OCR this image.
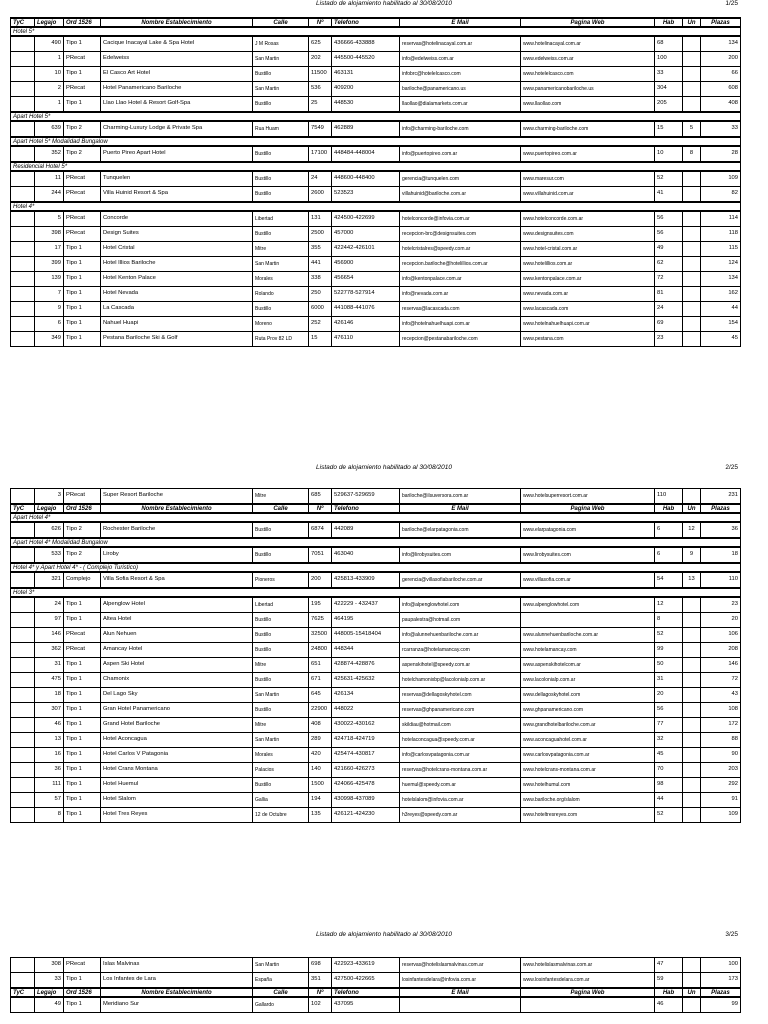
Listado de alojamiento habilitado al 30/08/2010	1/25
TyC	Legajo	Ord 1526	Nombre Establecimiento	Calle	Nº	Telefono	E Mail	Pagina Web	Hab	Un	Plazas
Hotel 5*											
	490	Tipo 1	Cacique Inacayal Lake & Spa Hotel	J M Rosas	625	436666-433888	reservas@hotelinacayal.com.ar	www.hotelinacayal.com.ar	68		134
	1	PRecat	Edelweiss	San Martin	202	445500-445520	info@edelweiss.com.ar	www.edelweiss.com.ar	100		200
	10	Tipo 1	El Casco Art Hotel	Bustillo	11500	463131	infobrc@hotelelcasco.com	www.hotelelcasco.com	33		66
	2	PRecat	Hotel Panamericano Bariloche	San Martin	536	409200	bariloche@panamericano.us	www.panamericanobariloche.us	304		608
	1	Tipo 1	Llao Llao Hotel & Resort Golf-Spa	Bustillo	25	448530	llaollao@dialamarkets.com.ar	www.llaollao.com	205		408
Apart Hotel 5*											
	639	Tipo 2	Charming-Luxury Lodge & Private Spa	Rua Huam	7549	462889	info@charming-bariloche.com	www.charming-bariloche.com	15	5	33
Apart Hotel 5* Modalidad Bungalow											
	352	Tipo 2	Puerto Pireo Apart Hotel	Bustillo	17100	448484-448004	info@puertopireo.com.ar	www.puertopireo.com.ar	10	8	28
Residencial Hotel 5*											
	11	PRecat	Tunquelen	Bustillo	24	448600-448400	gerencia@tunquelen.com	www.maresur.com	52		109
	244	PRecat	Villa Huinid Resort & Spa	Bustillo	2600	523523	villahuinid@bariloche.com.ar	www.villahuinid.com.ar	41		82
Hotel 4*											
	5	PRecat	Concorde	Libertad	131	424500-422699	hotelconcorde@infovia.com.ar	www.hotelconcorde.com.ar	56		114
	398	PRecat	Design Suites	Bustillo	2500	457000	recepcion-brc@designsuites.com	www.designsuites.com	56		118
	17	Tipo 1	Hotel Cristal	Mitre	355	422442-426101	hotelcristalres@speedy.com.ar	www.hotel-cristal.com.ar	49		115
	399	Tipo 1	Hotel Illios Bariloche	San Martin	441	456900	recepcion.bariloche@hotelillios.com.ar	www.hotelillios.com.ar	62		124
	139	Tipo 1	Hotel Kenton Palace	Morales	338	456654	info@kentonpalace.com.ar	www.kentonpalace.com.ar	72		134
	7	Tipo 1	Hotel Nevada	Rolando	250	522778-527914	info@nevada.com.ar	www.nevada.com.ar	81		162
	9	Tipo 1	La Cascada	Bustillo	6000	441088-441076	reservas@lacascada.com	www.lacascada.com	24		44
	6	Tipo 1	Nahuel Huapi	Moreno	252	426146	info@hotelnahuelhuapi.com.ar	www.hotelnahuelhuapi.com.ar	69		154
	349	Tipo 1	Pestana Bariloche Ski & Golf	Ruta Prov 82 LD	15	476110	recepcion@pestanabariloche.com	www.pestana.com	23		45
Listado de alojamiento habilitado al 30/08/2010	2/25
	3	PRecat	Super Resort Bariloche	Mitre	685	529637-529659	bariloche@ilsuversora.com.ar	www.hotelsuperresort.com.ar	110		231
TyC	Legajo	Ord 1526	Nombre Establecimiento	Calle	Nº	Telefono	E Mail	Pagina Web	Hab	Un	Plazas
Apart Hotel 4*											
	626	Tipo 2	Rochester Bariloche	Bustillo	6874	442089	bariloche@elarpatagonia.com	www.elarpatagonia.com	6	12	36
Apart Hotel 4* Modalidad Bungalow											
	533	Tipo 2	Liroby	Bustillo	7051	463040	info@lirobysuites.com	www.lirobysuites.com	6	9	18
Hotel 4* y Apart Hotel 4* - ( Complejo Turistico)											
	321	Complejo	Villa Sofia Resort & Spa	Pioneros	200	425813-433909	gerencia@villasofiabariloche.com.ar	www.villasofia.com.ar	54	13	110
Hotel 3*											
	24	Tipo 1	Alpenglow Hotel	Libertad	195	422229 - 432437	info@alpenglowhotel.com	www.alpenglowhotel.com	12		23
	97	Tipo 1	Altea Hotel	Bustillo	7625	464195	paupalestra@hotmail.com		8		20
	146	PRecat	Alun Nehuen	Bustillo	32500	448005-15418404	info@alunnehuenbariloche.com.ar	www.alunnehuenbariloche.com.ar	52		106
	362	PRecat	Amancay Hotel	Bustillo	24800	448344	rcarranza@hotelamancay.com	www.hotelamancay.com	99		208
	31	Tipo 1	Aspen Ski Hotel	Mitre	651	428874-428876	aspenskihotel@speedy.com.ar	www.aspenskihotelcom.ar	50		146
	475	Tipo 1	Chamonix	Bustillo	671	425631-425632	hotelchamonixbp@lacolonialp.com.ar	www.lacolonialp.com.ar	31		72
	18	Tipo 1	Del Lago Sky	San Martin	645	426134	reservas@dellagoskyhotel.com	www.dellagoskyhotel.com	20		43
	307	Tipo 1	Gran Hotel Panamericano	Bustillo	22900	448022	reservas@ghpanamericano.com	www.ghpanamericano.com	56		108
	46	Tipo 1	Grand Hotel Bariloche	Mitre	408	430022-430162	skildiau@hotmail.com	www.grandhotelbariloche.com.ar	77		172
	13	Tipo 1	Hotel Aconcagua	San Martin	289	424718-424719	hotelaconcagua@speedy.com.ar	www.aconcaguahotel.com.ar	32		88
	16	Tipo 1	Hotel Carlos V Patagonia	Morales	420	425474-430817	info@carlosvpatagonia.com.ar	www.carlosvpatagonia.com.ar	45		90
	36	Tipo 1	Hotel Crans Montana	Palacios	140	421660-426273	reservas@hotelcrans-montana.com.ar	www.hotelcrans-montana.com.ar	70		203
	111	Tipo 1	Hotel Huemul	Bustillo	1500	424066-425478	huemul@speedy.com.ar	www.hotelhumul.com	98		292
	57	Tipo 1	Hotel Slalom	Gallia	194	430998-437089	hotelslalom@infovia.com.ar	www.bariloche.org/slalom	44		91
	8	Tipo 1	Hotel Tres Reyes	12 de Octubre	135	426121-424230	h3reyes@speedy.com.ar	www.hoteltresreyes.com	52		109
Listado de alojamiento habilitado al 30/08/2010	3/25
	308	PRecat	Islas Malvinas	San Martin	698	422923-433619	reservas@hotelislasmalvinas.com.ar	www.hotelislasmalvinas.com.ar	47		100
	33	Tipo 1	Los Infantes de Lara	España	351	427500-422665	losinfantesdelara@infovia.com.ar	www.losinfantesdelara.com.ar	59		173
TyC	Legajo	Ord 1526	Nombre Establecimiento	Calle	Nº	Telefono	E Mail	Pagina Web	Hab	Un	Plazas
	49	Tipo 1	Meridiano Sur	Gallardo	102	437095			46		99
